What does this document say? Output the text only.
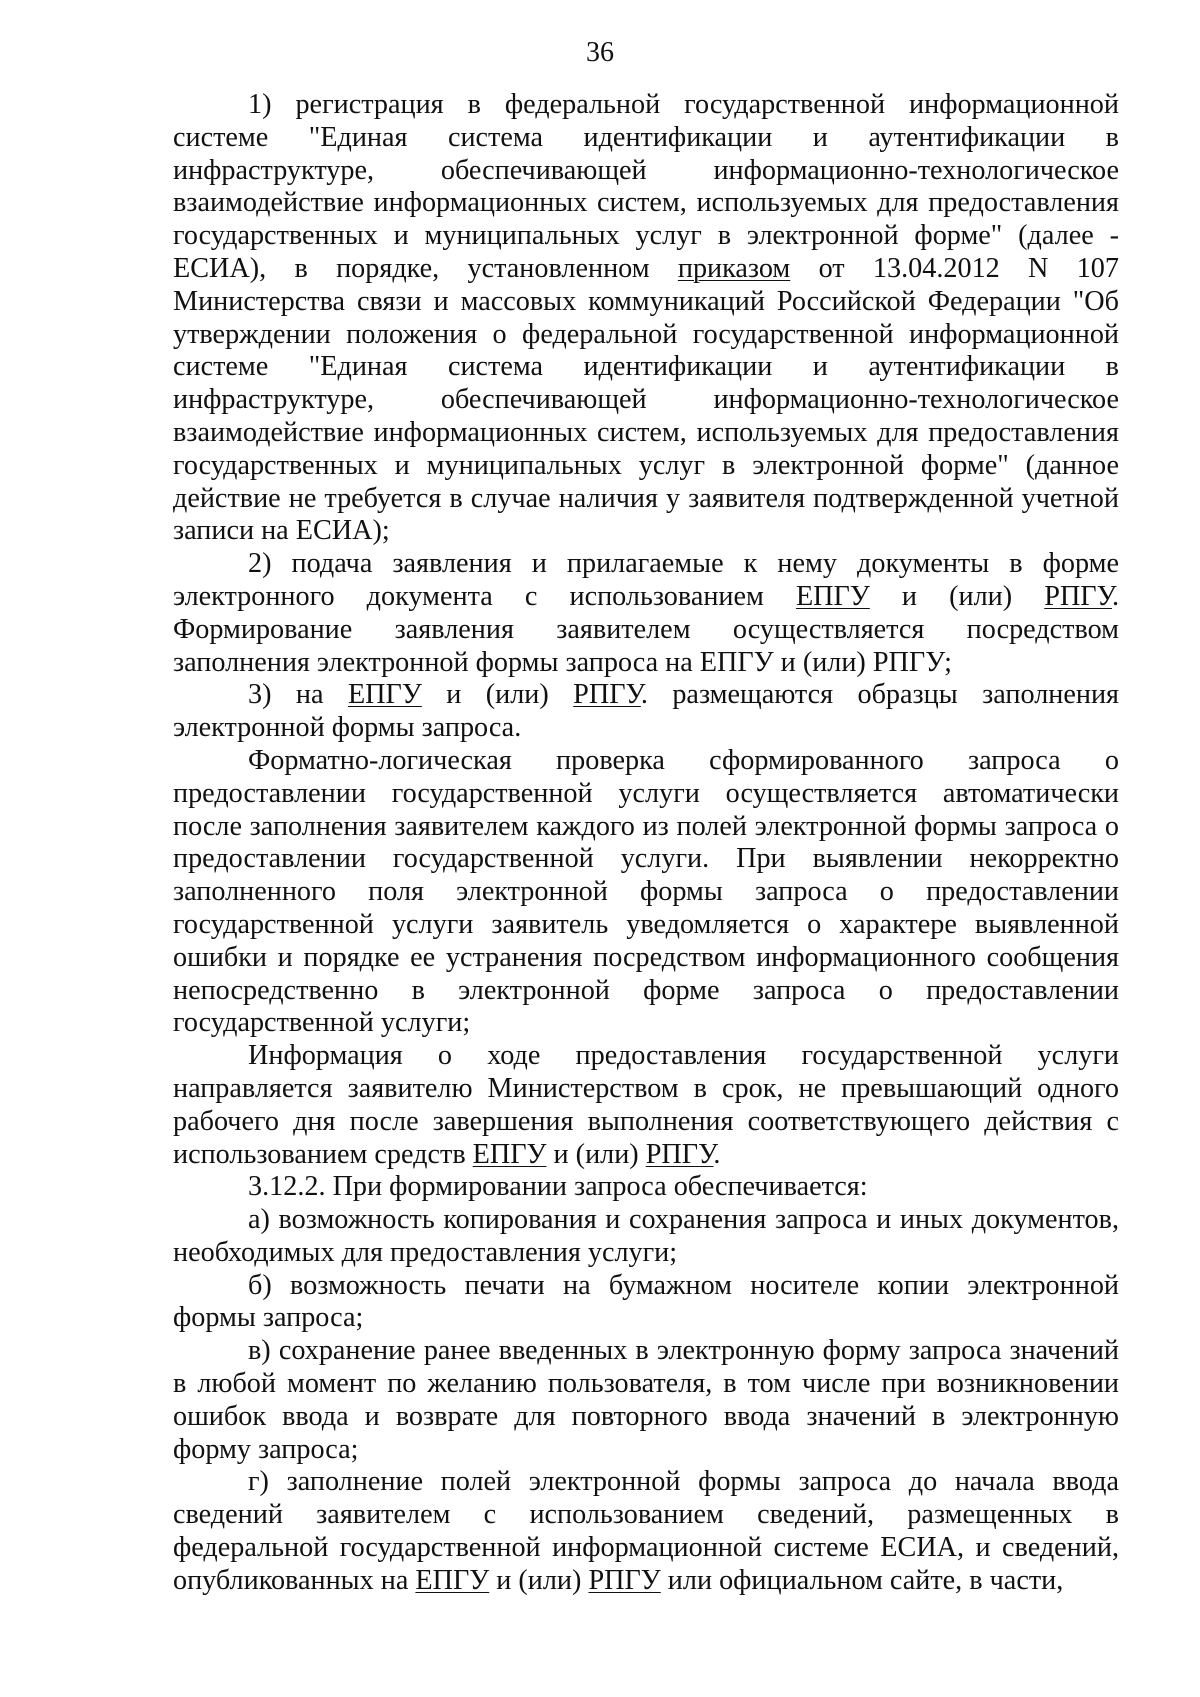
36

1) регистрация в федеральной государственной информационной системе "Единая система идентификации и аутентификации в инфраструктуре, обеспечивающей информационно-технологическое взаимодействие информационных систем, используемых для предоставления государственных и муниципальных услуг в электронной форме" (далее - ЕСИА), в порядке, установленном приказом от 13.04.2012 N 107 Министерства связи и массовых коммуникаций Российской Федерации "Об утверждении положения о федеральной государственной информационной системе "Единая система идентификации и аутентификации в инфраструктуре, обеспечивающей информационно-технологическое взаимодействие информационных систем, используемых для предоставления государственных и муниципальных услуг в электронной форме" (данное действие не требуется в случае наличия у заявителя подтвержденной учетной записи на ЕСИА);

2) подача заявления и прилагаемые к нему документы в форме электронного документа с использованием ЕПГУ и (или) РПГУ. Формирование заявления заявителем осуществляется посредством заполнения электронной формы запроса на ЕПГУ и (или) РПГУ;

3) на ЕПГУ и (или) РПГУ. размещаются образцы заполнения электронной формы запроса.

Форматно-логическая проверка сформированного запроса о предоставлении государственной услуги осуществляется автоматически после заполнения заявителем каждого из полей электронной формы запроса о предоставлении государственной услуги. При выявлении некорректно заполненного поля электронной формы запроса о предоставлении государственной услуги заявитель уведомляется о характере выявленной ошибки и порядке ее устранения посредством информационного сообщения непосредственно в электронной форме запроса о предоставлении государственной услуги;

Информация о ходе предоставления государственной услуги направляется заявителю Министерством в срок, не превышающий одного рабочего дня после завершения выполнения соответствующего действия с использованием средств ЕПГУ и (или) РПГУ.

3.12.2. При формировании запроса обеспечивается:

а) возможность копирования и сохранения запроса и иных документов, необходимых для предоставления услуги;

б) возможность печати на бумажном носителе копии электронной формы запроса;

в) сохранение ранее введенных в электронную форму запроса значений в любой момент по желанию пользователя, в том числе при возникновении ошибок ввода и возврате для повторного ввода значений в электронную форму запроса;

г) заполнение полей электронной формы запроса до начала ввода сведений заявителем с использованием сведений, размещенных в федеральной государственной информационной системе ЕСИА, и сведений, опубликованных на ЕПГУ и (или) РПГУ или официальном сайте, в части,
